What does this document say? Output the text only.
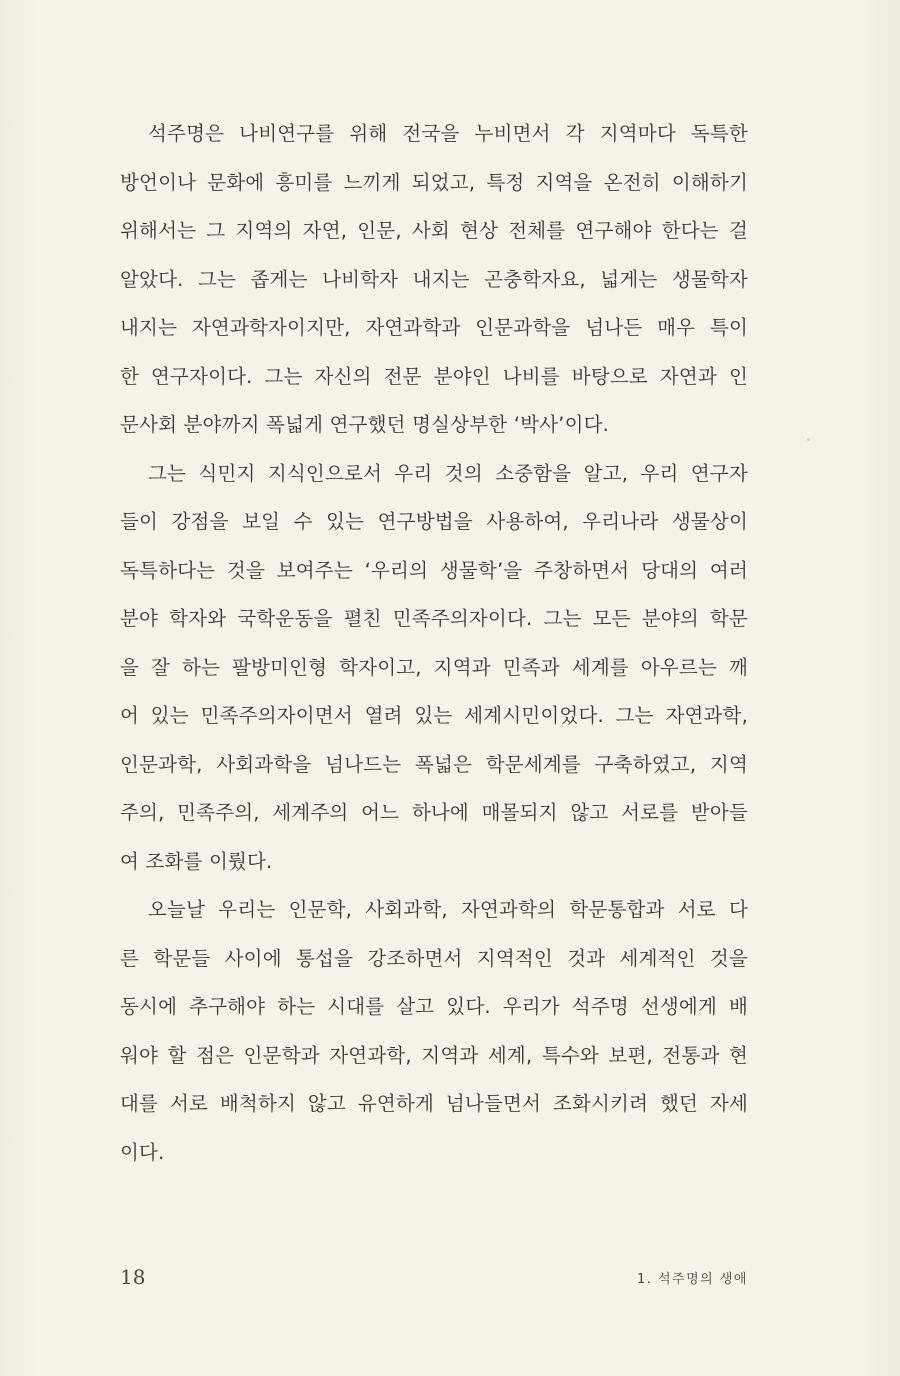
석주명은 나비연구를 위해 전국을 누비면서 각 지역마다 독특한
방언이나 문화에 흥미를 느끼게 되었고, 특정 지역을 온전히 이해하기
위해서는 그 지역의 자연, 인문, 사회 현상 전체를 연구해야 한다는 걸
알았다. 그는 좁게는 나비학자 내지는 곤충학자요, 넓게는 생물학자
내지는 자연과학자이지만, 자연과학과 인문과학을 넘나든 매우 특이
한 연구자이다. 그는 자신의 전문 분야인 나비를 바탕으로 자연과 인
문사회 분야까지 폭넓게 연구했던 명실상부한 ‘박사’이다.
그는 식민지 지식인으로서 우리 것의 소중함을 알고, 우리 연구자
들이 강점을 보일 수 있는 연구방법을 사용하여, 우리나라 생물상이
독특하다는 것을 보여주는 ‘우리의 생물학’을 주창하면서 당대의 여러
분야 학자와 국학운동을 펼친 민족주의자이다. 그는 모든 분야의 학문
을 잘 하는 팔방미인형 학자이고, 지역과 민족과 세계를 아우르는 깨
어 있는 민족주의자이면서 열려 있는 세계시민이었다. 그는 자연과학,
인문과학, 사회과학을 넘나드는 폭넓은 학문세계를 구축하였고, 지역
주의, 민족주의, 세계주의 어느 하나에 매몰되지 않고 서로를 받아들
여 조화를 이뤘다.
오늘날 우리는 인문학, 사회과학, 자연과학의 학문통합과 서로 다
른 학문들 사이에 통섭을 강조하면서 지역적인 것과 세계적인 것을
동시에 추구해야 하는 시대를 살고 있다. 우리가 석주명 선생에게 배
워야 할 점은 인문학과 자연과학, 지역과 세계, 특수와 보편, 전통과 현
대를 서로 배척하지 않고 유연하게 넘나들면서 조화시키려 했던 자세
이다.
18	1. 석주명의 생애
